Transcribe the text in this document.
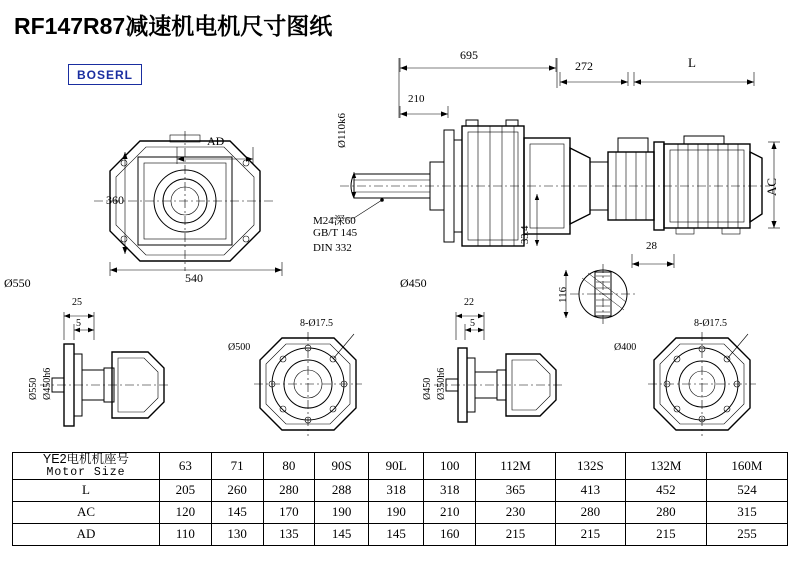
RF147R87减速机电机尺寸图纸
BOSERL
AD
360
540
Ø550	Ø450
695
272	L
210
Ø110k6
M24深60
GB/T 145
DIN 332
33.4
AC
28
116
25
5
Ø550 Ø450h6
8-Ø17.5
Ø500
22
5
Ø450 Ø350h6
8-Ø17.5
Ø400
YE2电机机座号
Motor Size	63	71	80	90S	90L	100	112M	132S	132M	160M
L	205	260	280	288	318	318	365	413	452	524
AC	120	145	170	190	190	210	230	280	280	315
AD	110	130	135	145	145	160	215	215	215	255
